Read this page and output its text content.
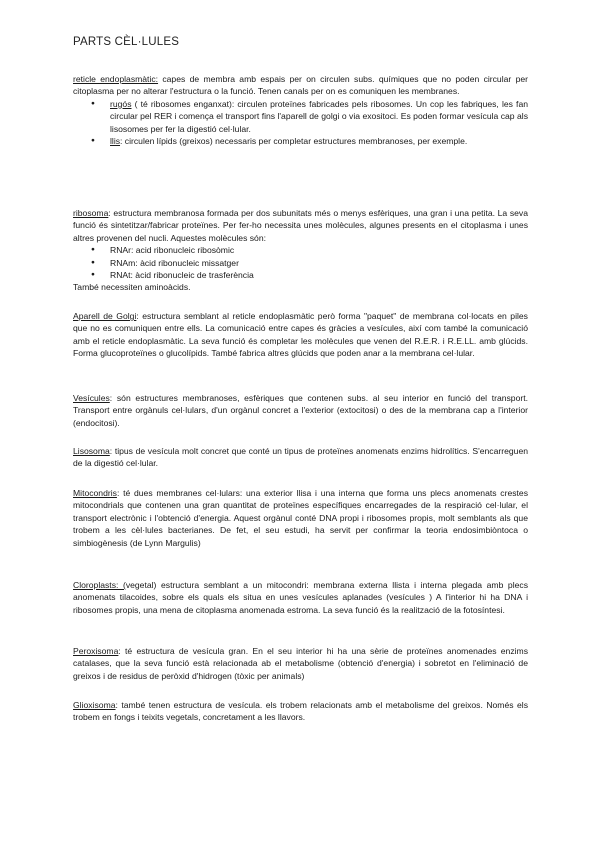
PARTS CÈL·LULES

reticle endoplasmàtic: capes de membra amb espais per on circulen subs. químiques que no poden circular per citoplasma per no alterar l'estructura o la funció. Tenen canals per on es comuniquen les membranes.

● rugós ( té ribosomes enganxat): circulen proteïnes fabricades pels ribosomes. Un cop les fabriques, les fan circular pel RER i comença el transport fins l'aparell de golgi o via exositoci. Es poden formar vesícula cap als lisosomes per fer la digestió cel·lular.
● llis: circulen lípids (greixos) necessaris per completar estructures membranoses, per exemple.

ribosoma: estructura membranosa formada per dos subunitats més o menys esfèriques, una gran i una petita. La seva funció és sintetitzar/fabricar proteïnes. Per fer-ho necessita unes molècules, algunes presents en el citoplasma i unes altres provenen del nucli. Aquestes molècules són:

● RNAr: acid ribonucleic ribosòmic
● RNAm: àcid ribonucleic missatger
● RNAt: àcid ribonucleic de trasferència

També necessiten aminoàcids.

Aparell de Golgi: estructura semblant al reticle endoplasmàtic però forma "paquet" de membrana col·locats en piles que no es comuniquen entre ells. La comunicació entre capes és gràcies a vesícules, així com també la comunicació amb el reticle endoplasmàtic. La seva funció és completar les molècules que venen del R.E.R. i R.E.LL. amb glúcids. Forma glucoproteïnes o glucolípids. També fabrica altres glúcids que poden anar a la membrana cel·lular.

Vesícules: són estructures membranoses, esfèriques que contenen subs. al seu interior en funció del transport. Transport entre orgànuls cel·lulars, d'un orgànul concret a l'exterior (extocitosi) o des de la membrana cap a l'interior (endocitosi).

Lisosoma: tipus de vesícula molt concret que conté un tipus de proteïnes anomenats enzims hidrolítics. S'encarreguen de la digestió cel·lular.

Mitocondris: té dues membranes cel·lulars: una exterior llisa i una interna que forma uns plecs anomenats crestes mitocondrials que contenen una gran quantitat de proteïnes específiques encarregades de la respiració cel·lular, el transport electrònic i l'obtenció d'energia. Aquest orgànul conté DNA propi i ribosomes propis, molt semblants als que trobem a les cèl·lules bacterianes. De fet, el seu estudi, ha servit per confirmar la teoria endosimbiòntoca o simbiogènesis (de Lynn Margulis)

Cloroplasts: (vegetal) estructura semblant a un mitocondri: membrana externa llista i interna plegada amb plecs anomenats tilacoides, sobre els quals els situa en unes vesícules aplanades (vesícules ) A l'interior hi ha DNA i ribosomes propis, una mena de citoplasma anomenada estroma. La seva funció és la realització de la fotosíntesi.

Peroxisoma: té estructura de vesícula gran. En el seu interior hi ha una sèrie de proteïnes anomenades enzims catalases, que la seva funció està relacionada ab el metabolisme (obtenció d'energia) i sobretot en l'eliminació de greixos i de residus de peròxid d'hidrogen (tòxic per animals)

Glioxisoma: també tenen estructura de vesícula. els trobem relacionats amb el metabolisme del greixos. Només els trobem en fongs i teixits vegetals, concretament a les llavors.
